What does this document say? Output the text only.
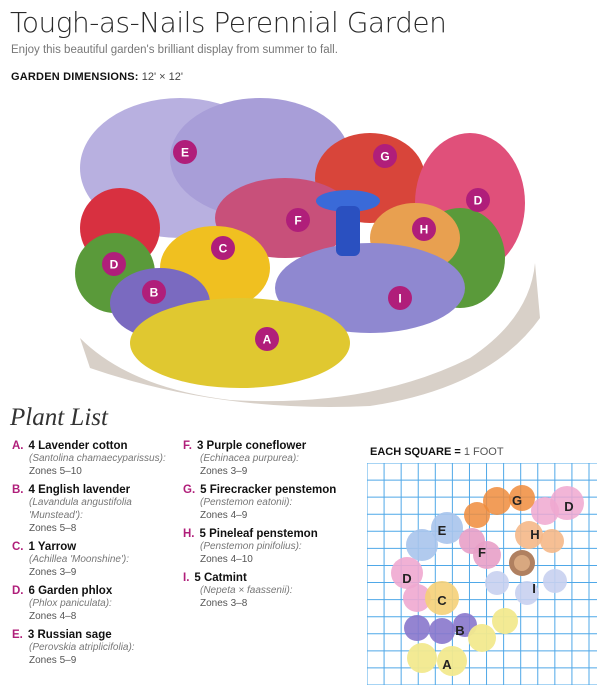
Tough-as-Nails Perennial Garden
Enjoy this beautiful garden's brilliant display from summer to fall.
GARDEN DIMENSIONS: 12' × 12'
E	G
D
F
C
H
D
B	I
A
Plant List
A. 4 Lavender cotton
(Santolina chamaecyparissus):
Zones 5–10
B. 4 English lavender
(Lavandula angustifolia 'Munstead'):
Zones 5–8
C. 1 Yarrow
(Achillea 'Moonshine'):
Zones 3–9
D. 6 Garden phlox
(Phlox paniculata):
Zones 4–8
E. 3 Russian sage
(Perovskia atriplicifolia):
Zones 5–9
F. 3 Purple coneflower
(Echinacea purpurea):
Zones 3–9
G. 5 Firecracker penstemon
(Penstemon eatonii):
Zones 4–9
H. 5 Pineleaf penstemon
(Penstemon pinifolius):
Zones 4–10
I. 5 Catmint
(Nepeta × faassenii):
Zones 3–8
EACH SQUARE = 1 FOOT
G	D
E	H
F
D
I
C
B
A
